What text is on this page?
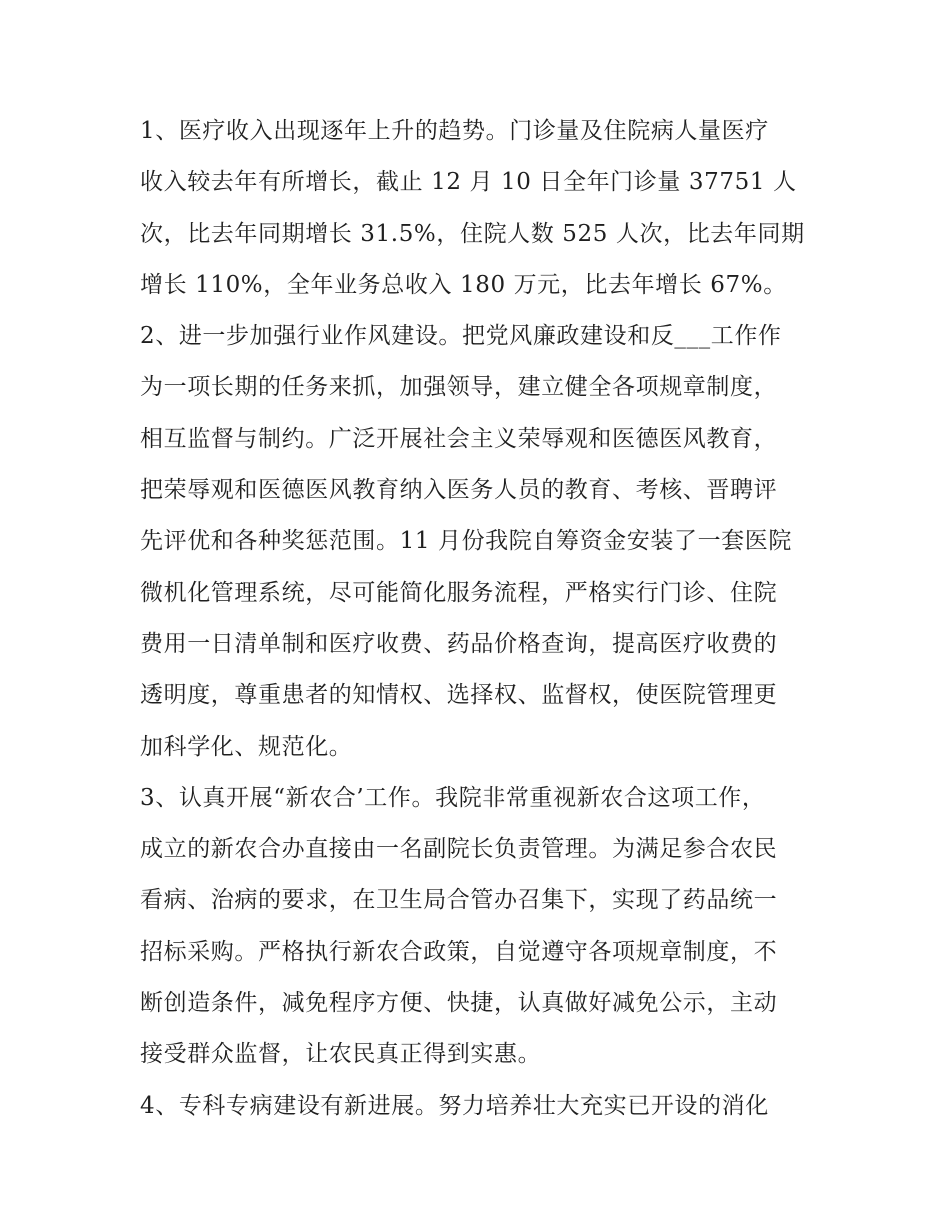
1、医疗收入出现逐年上升的趋势。门诊量及住院病人量医疗
收入较去年有所增长，截止 12 月 10 日全年门诊量 37751 人
次，比去年同期增长 31.5%，住院人数 525 人次，比去年同期
增长 110%，全年业务总收入 180 万元，比去年增长 67%。
2、进一步加强行业作风建设。把党风廉政建设和反___工作作
为一项长期的任务来抓，加强领导，建立健全各项规章制度，
相互监督与制约。广泛开展社会主义荣辱观和医德医风教育，
把荣辱观和医德医风教育纳入医务人员的教育、考核、晋聘评
先评优和各种奖惩范围。11 月份我院自筹资金安装了一套医院
微机化管理系统，尽可能简化服务流程，严格实行门诊、住院
费用一日清单制和医疗收费、药品价格查询，提高医疗收费的
透明度，尊重患者的知情权、选择权、监督权，使医院管理更
加科学化、规范化。
3、认真开展“新农合’工作。我院非常重视新农合这项工作，
成立的新农合办直接由一名副院长负责管理。为满足参合农民
看病、治病的要求，在卫生局合管办召集下，实现了药品统一
招标采购。严格执行新农合政策，自觉遵守各项规章制度，不
断创造条件，减免程序方便、快捷，认真做好减免公示，主动
接受群众监督，让农民真正得到实惠。
4、专科专病建设有新进展。努力培养壮大充实已开设的消化
